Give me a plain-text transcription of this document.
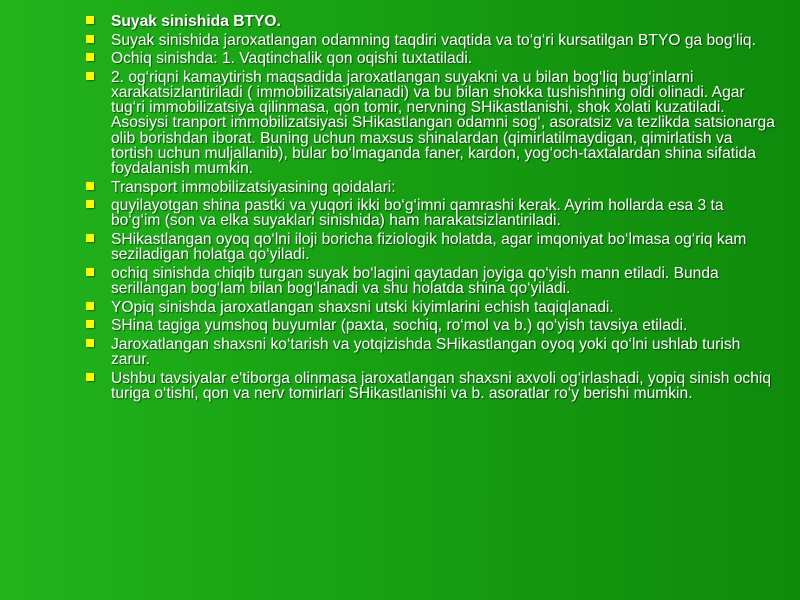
Suyak sinishida BTYO.
Suyak sinishida jaroxatlangan odamning taqdiri vaqtida va to‘g‘ri kursatilgan BTYO ga bog‘liq.
Ochiq sinishda: 1. Vaqtinchalik qon oqishi tuxtatiladi.
2. og‘riqni kamaytirish maqsadida jaroxatlangan suyakni va u bilan bog‘liq bug‘inlarni xarakatsizlantiriladi ( immobilizatsiyalanadi) va bu bilan shokka tushishning oldi olinadi. Agar tug‘ri immobilizatsiya qilinmasa, qon tomir, nervning SHikastlanishi, shok xolati kuzatiladi. Asosiysi tranport immobilizatsiyasi SHikastlangan odamni sog‘, asoratsiz va tezlikda satsionarga olib borishdan iborat. Buning uchun maxsus shinalardan (qimirlatilmaydigan, qimirlatish va tortish uchun muljallanib), bular bo‘lmaganda faner, kardon, yog‘och-taxtalardan shina sifatida foydalanish mumkin.
Transport immobilizatsiyasining qoidalari:
quyilayotgan shina pastki va yuqori ikki bo‘g‘imni qamrashi kerak. Ayrim hollarda esa 3 ta bo‘g‘im (son va elka suyaklari sinishida) ham harakatsizlantiriladi.
SHikastlangan oyoq qo‘lni iloji boricha fiziologik holatda, agar imqoniyat bo‘lmasa og‘riq kam seziladigan holatga qo‘yiladi.
ochiq sinishda chiqib turgan suyak bo‘lagini qaytadan joyiga qo‘yish mann etiladi. Bunda serillangan bog‘lam bilan bog‘lanadi va shu holatda shina qo‘yiladi.
YOpiq sinishda jaroxatlangan shaxsni utski kiyimlarini echish taqiqlanadi.
SHina tagiga yumshoq buyumlar (paxta, sochiq, ro‘mol va b.) qo‘yish tavsiya etiladi.
Jaroxatlangan shaxsni ko‘tarish va yotqizishda SHikastlangan oyoq yoki qo‘lni ushlab turish zarur.
Ushbu tavsiyalar e'tiborga olinmasa jaroxatlangan shaxsni axvoli og‘irlashadi, yopiq sinish ochiq turiga o‘tishi, qon va nerv tomirlari SHikastlanishi va b. asoratlar ro‘y berishi mumkin.
